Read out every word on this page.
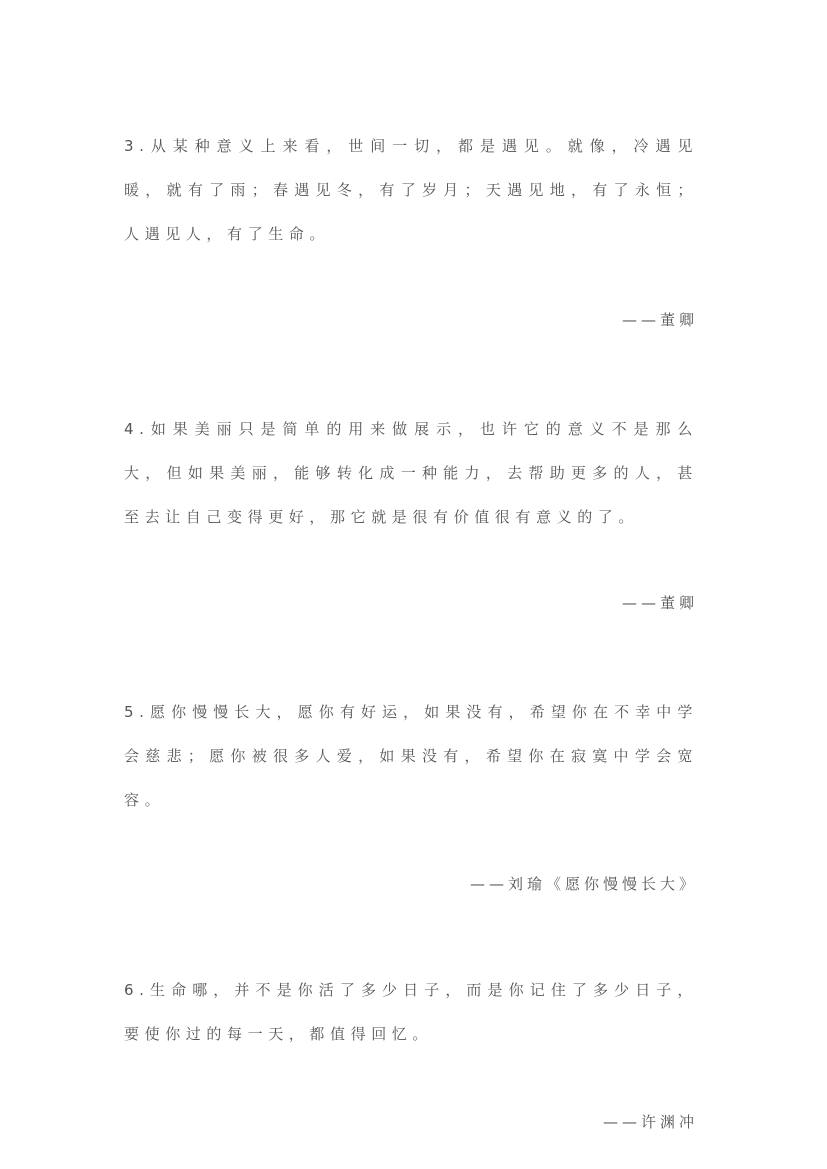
3.从某种意义上来看，世间一切，都是遇见。就像，冷遇见暖，就有了雨；春遇见冬，有了岁月；天遇见地，有了永恒；人遇见人，有了生命。

——董卿

4.如果美丽只是简单的用来做展示，也许它的意义不是那么大，但如果美丽，能够转化成一种能力，去帮助更多的人，甚至去让自己变得更好，那它就是很有价值很有意义的了。

——董卿

5.愿你慢慢长大，愿你有好运，如果没有，希望你在不幸中学会慈悲；愿你被很多人爱，如果没有，希望你在寂寞中学会宽容。

——刘瑜《愿你慢慢长大》

6.生命哪，并不是你活了多少日子，而是你记住了多少日子，要使你过的每一天，都值得回忆。

——许渊冲
